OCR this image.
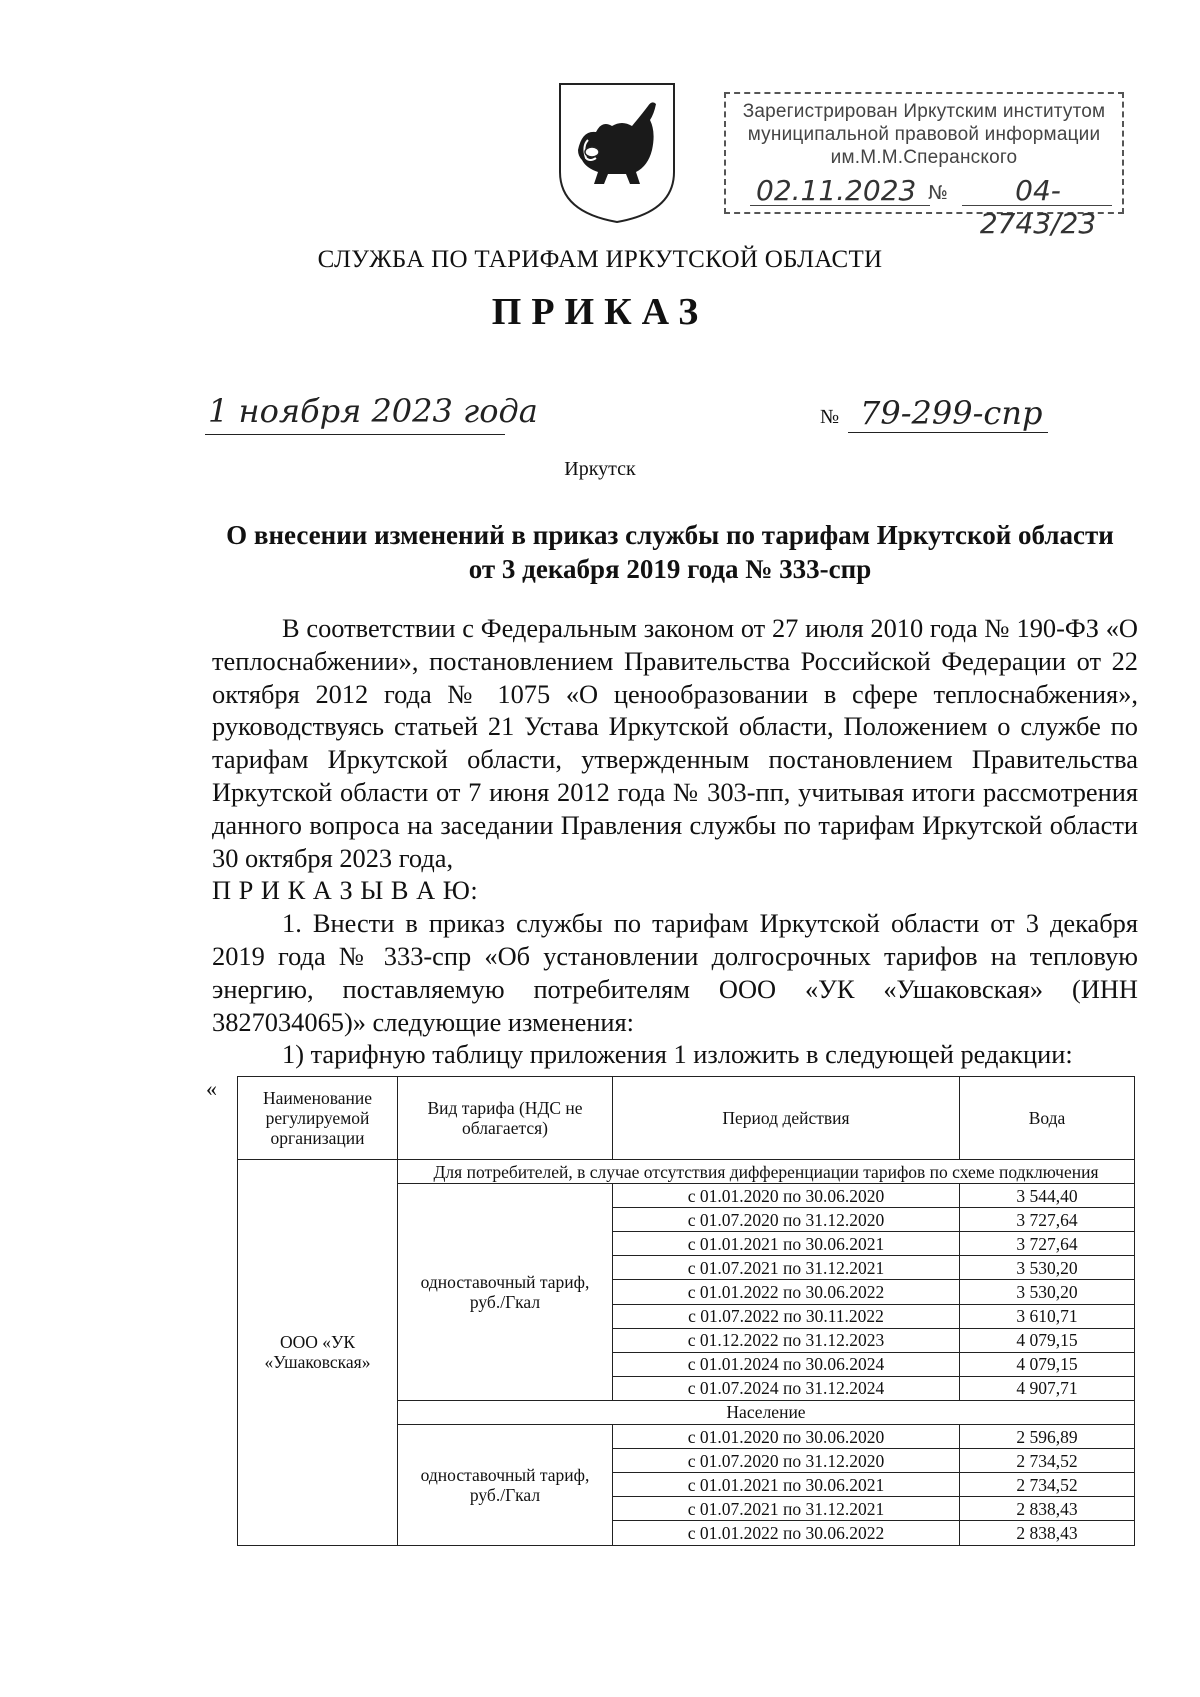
Зарегистрирован Иркутским институтом
муниципальной правовой информации
им.М.М.Сперанского
02.11.2023 №	04-2743/23
СЛУЖБА ПО ТАРИФАМ ИРКУТСКОЙ ОБЛАСТИ
ПРИКАЗ
1 ноября 2023 года	№ 79-299-спр
Иркутск
О внесении изменений в приказ службы по тарифам Иркутской области
от 3 декабря 2019 года № 333-спр

В соответствии с Федеральным законом от 27 июля 2010 года № 190-ФЗ «О теплоснабжении», постановлением Правительства Российской Федерации от 22 октября 2012 года № 1075 «О ценообразовании в сфере теплоснабжения», руководствуясь статьей 21 Устава Иркутской области, Положением о службе по тарифам Иркутской области, утвержденным постановлением Правительства Иркутской области от 7 июня 2012 года № 303-пп, учитывая итоги рассмотрения данного вопроса на заседании Правления службы по тарифам Иркутской области 30 октября 2023 года,

П Р И К А З Ы В А Ю:

1. Внести в приказ службы по тарифам Иркутской области от 3 декабря 2019 года № 333-спр «Об установлении долгосрочных тарифов на тепловую энергию, поставляемую потребителям ООО «УК «Ушаковская» (ИНН 3827034065)» следующие изменения:

1) тарифную таблицу приложения 1 изложить в следующей редакции:

«	Наименование регулируемой организации	Вид тарифа (НДС не облагается)	Период действия	Вода
ООО «УК «Ушаковская»	Для потребителей, в случае отсутствия дифференциации тарифов по схеме подключения		
	одноставочный тариф, руб./Гкал	с 01.01.2020 по 30.06.2020	3 544,40
		с 01.07.2020 по 31.12.2020	3 727,64
		с 01.01.2021 по 30.06.2021	3 727,64
		с 01.07.2021 по 31.12.2021	3 530,20
		с 01.01.2022 по 30.06.2022	3 530,20
		с 01.07.2022 по 30.11.2022	3 610,71
		с 01.12.2022 по 31.12.2023	4 079,15
		с 01.01.2024 по 30.06.2024	4 079,15
		с 01.07.2024 по 31.12.2024	4 907,71
	Население		
	одноставочный тариф, руб./Гкал	с 01.01.2020 по 30.06.2020	2 596,89
		с 01.07.2020 по 31.12.2020	2 734,52
		с 01.01.2021 по 30.06.2021	2 734,52
		с 01.07.2021 по 31.12.2021	2 838,43
		с 01.01.2022 по 30.06.2022	2 838,43
